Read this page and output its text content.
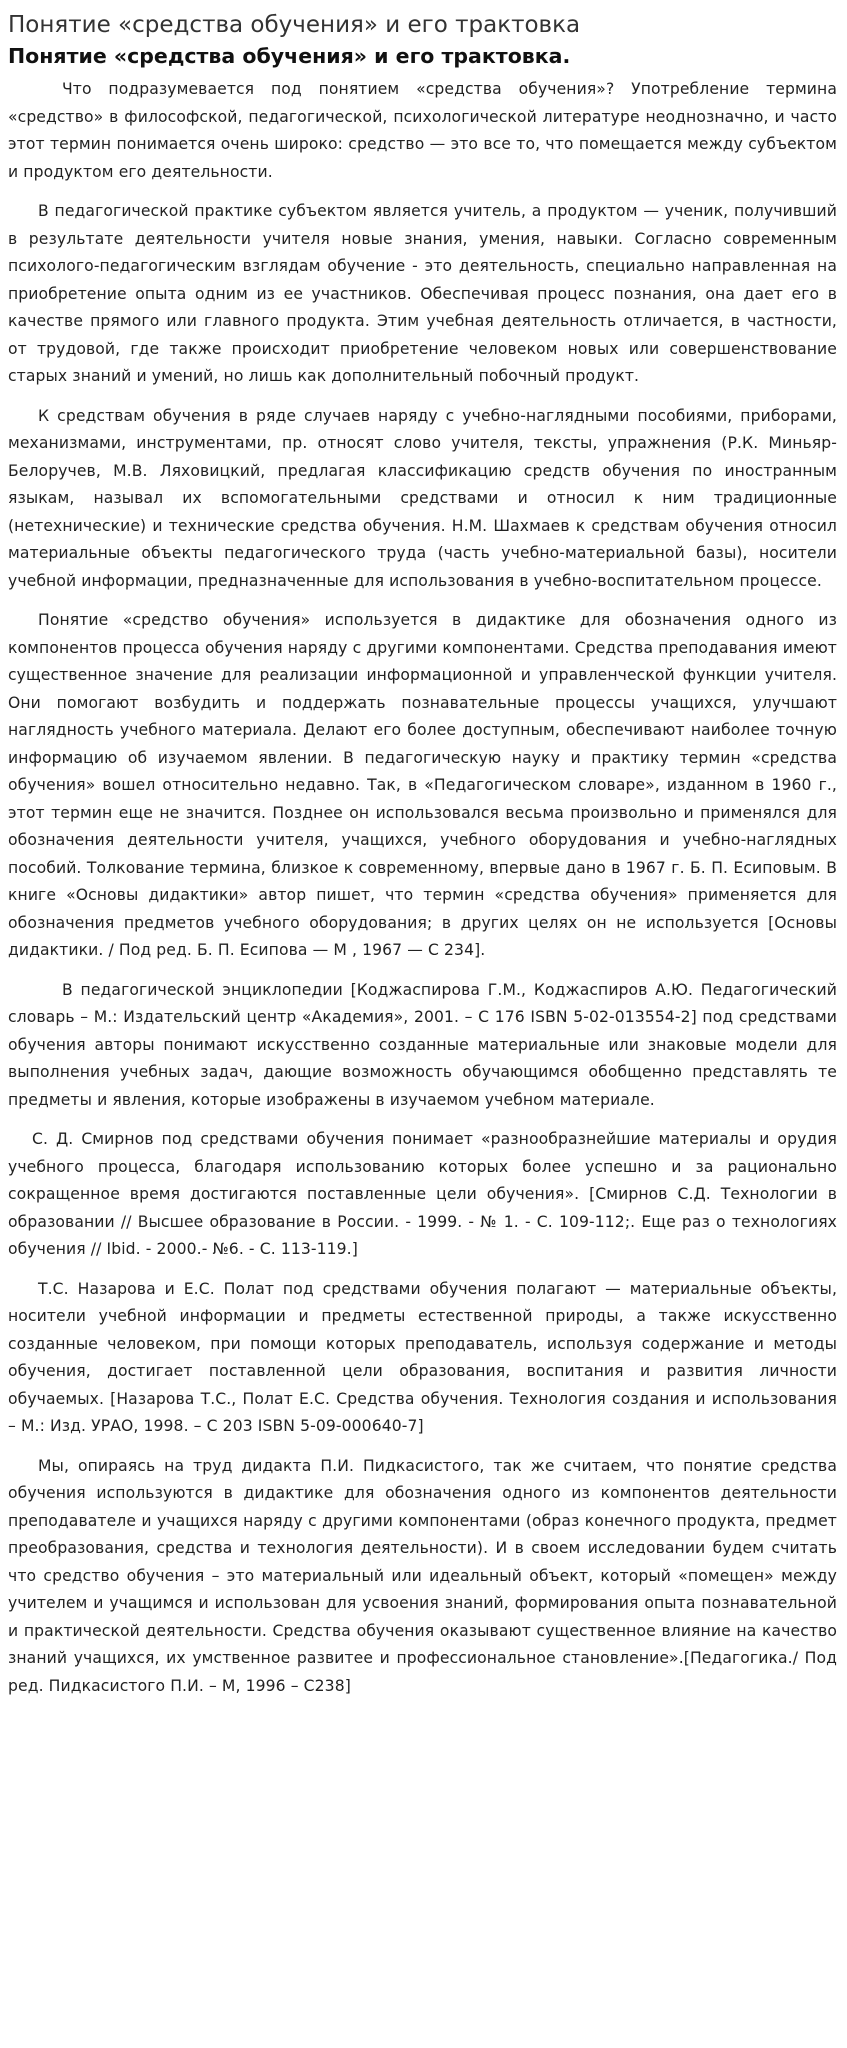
Понятие «средства обучения» и его трактовка
Понятие «средства обучения» и его трактовка.

Что подразумевается под понятием «средства обучения»? Употребление термина «средство» в философской, педагогической, психологической литературе неоднозначно, и часто этот термин понимается очень широко: средство — это все то, что помещается между субъектом и продуктом его деятельности.

В педагогической практике субъектом является учитель, а продуктом — ученик, получивший в результате деятельности учителя новые знания, умения, навыки. Согласно современным психолого-педагогическим взглядам обучение - это деятельность, специально направленная на приобретение опыта одним из ее участников. Обеспечивая процесс познания, она дает его в качестве прямого или главного продукта. Этим учебная деятельность отличается, в частности, от трудовой, где также происходит приобретение человеком новых или совершенствование старых знаний и умений, но лишь как дополнительный побочный продукт.

К средствам обучения в ряде случаев наряду с учебно-наглядными пособиями, приборами, механизмами, инструментами, пр. относят слово учителя, тексты, упражнения (Р.К. Миньяр-Белоручев, М.В. Ляховицкий, предлагая классификацию средств обучения по иностранным языкам, называл их вспомогательными средствами и относил к ним традиционные (нетехнические) и технические средства обучения. Н.М. Шахмаев к средствам обучения относил материальные объекты педагогического труда (часть учебно-материальной базы), носители учебной информации, предназначенные для использования в учебно-воспитательном процессе.

Понятие «средство обучения» используется в дидактике для обозначения одного из компонентов процесса обучения наряду с другими компонентами. Средства преподавания имеют существенное значение для реализации информационной и управленческой функции учителя. Они помогают возбудить и поддержать познавательные процессы учащихся, улучшают наглядность учебного материала. Делают его более доступным, обеспечивают наиболее точную информацию об изучаемом явлении. В педагогическую науку и практику термин «средства обучения» вошел относительно недавно. Так, в «Педагогическом словаре», изданном в 1960 г., этот термин еще не значится. Позднее он использовался весьма произвольно и применялся для обозначения деятельности учителя, учащихся, учебного оборудования и учебно-наглядных пособий. Толкование термина, близкое к современному, впервые дано в 1967 г. Б. П. Есиповым. В книге «Основы дидактики» автор пишет, что термин «средства обучения» применяется для обозначения предметов учебного оборудования; в других целях он не используется [Основы дидактики. / Под ред. Б. П. Есипова — М , 1967 — С 234].

В педагогической энциклопедии [Коджаспирова Г.М., Коджаспиров А.Ю. Педагогический словарь – М.: Издательский центр «Академия», 2001. – С 176 ISBN 5-02-013554-2] под средствами обучения авторы понимают искусственно созданные материальные или знаковые модели для выполнения учебных задач, дающие возможность обучающимся обобщенно представлять те предметы и явления, которые изображены в изучаемом учебном материале.

С. Д. Смирнов под средствами обучения понимает «разнообразнейшие материалы и орудия учебного процесса, благодаря использованию которых более успешно и за рационально сокращенное время достигаются поставленные цели обучения». [Смирнов С.Д. Технологии в образовании // Высшее образование в России. - 1999. - № 1. - С. 109-112;. Еще раз о технологиях обучения // Ibid. - 2000.- №6. - С. 113-119.]

Т.С. Назарова и Е.С. Полат под средствами обучения полагают — материальные объекты, носители учебной информации и предметы естественной природы, а также искусственно созданные человеком, при помощи которых преподаватель, используя содержание и методы обучения, достигает поставленной цели образования, воспитания и развития личности обучаемых. [Назарова Т.С., Полат Е.С. Средства обучения. Технология создания и использования – М.: Изд. УРАО, 1998. – С 203 ISBN 5-09-000640-7]

Мы, опираясь на труд дидакта П.И. Пидкасистого, так же считаем, что понятие средства обучения используются в дидактике для обозначения одного из компонентов деятельности преподавателе и учащихся наряду с другими компонентами (образ конечного продукта, предмет преобразования, средства и технология деятельности). И в своем исследовании будем считать что средство обучения – это материальный или идеальный объект, который «помещен» между учителем и учащимся и использован для усвоения знаний, формирования опыта познавательной и практической деятельности. Средства обучения оказывают существенное влияние на качество знаний учащихся, их умственное развитее и профессиональное становление».[Педагогика./ Под ред. Пидкасистого П.И. – М, 1996 – С238]
